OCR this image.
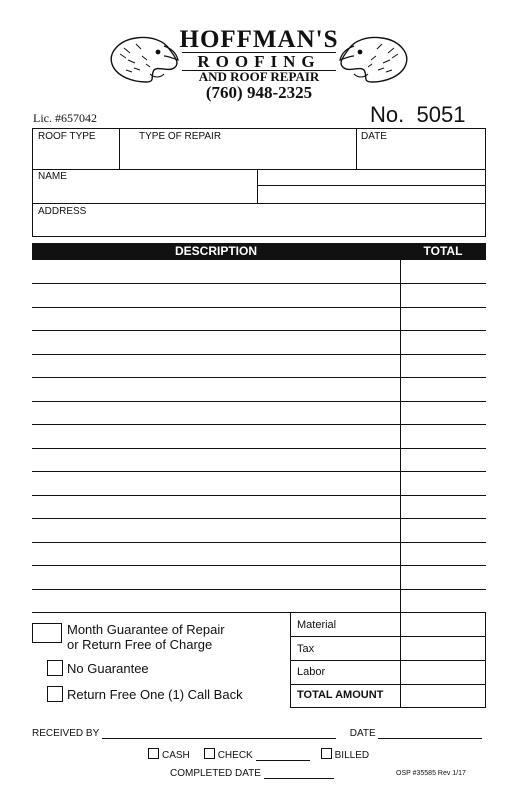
HOFFMAN'S
ROOFING
AND ROOF REPAIR
(760) 948-2325
Lic. #657042	No. 5051
ROOF TYPE	TYPE OF REPAIR	DATE
NAME
ADDRESS
DESCRIPTION	TOTAL
Month Guarantee of Repair
or Return Free of Charge
No Guarantee
Return Free One (1) Call Back
Material
Tax
Labor
TOTAL AMOUNT
RECEIVED BY	DATE
CASH	CHECK	BILLED
COMPLETED DATE	OSP #35585 Rev 1/17
